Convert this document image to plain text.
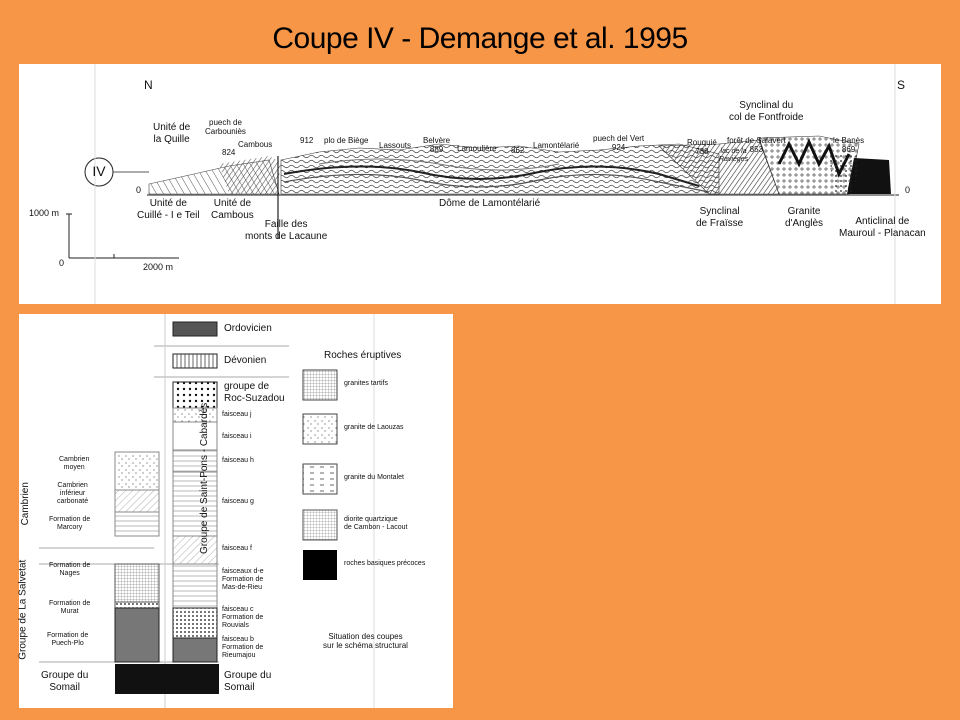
Coupe IV - Demange et al. 1995
N	S
IV
0	0
1000 m
0	2000 m
Unité de
la Quille
puech de
Carbouniès
824
Cambous	912 plo de Biège
Lassouts
Belvère
889	Lamoulière 862
Lamontélarié
puech del Vert
924
Rouquié
738	lac de la
Ravièges
Synclinal du
col de Fontfroide
forêt de Salavert
853
le Banès
869
Unité de
Cuillé - I e Teil
Unité de
Cambous
Faille des
monts de Lacaune
Dôme de Lamontélarié
Synclinal
de Fraïsse
Granite
d'Anglès	Anticlinal de
Mauroul - Planacan
Cambrien
Cambrien
moyen
Cambrien
inférieur
carbonaté
Formation de
Marcory
Groupe de La Salvetat	Formation de
Nages
Formation de
Murat
Formation de
Puech-Plo
Groupe du
Somail
Ordovicien
Dévonien
groupe de
Roc-Suzadou
faisceau j
faisceau i
faisceau h
faisceau g
faisceau f
faisceaux d-e
Formation de
Mas-de-Rieu
faisceau c
Formation de
Rouvials
faisceau b
Formation de
Rieumajou
Groupe du
Somail
Groupe de Saint-Pons - Cabardès
Roches éruptives
granites tartifs
granite de Laouzas
granite du Montalet
diorite quartzique
de Cambon - Lacout
roches basiques précoces
Situation des coupes
sur le schéma structural
